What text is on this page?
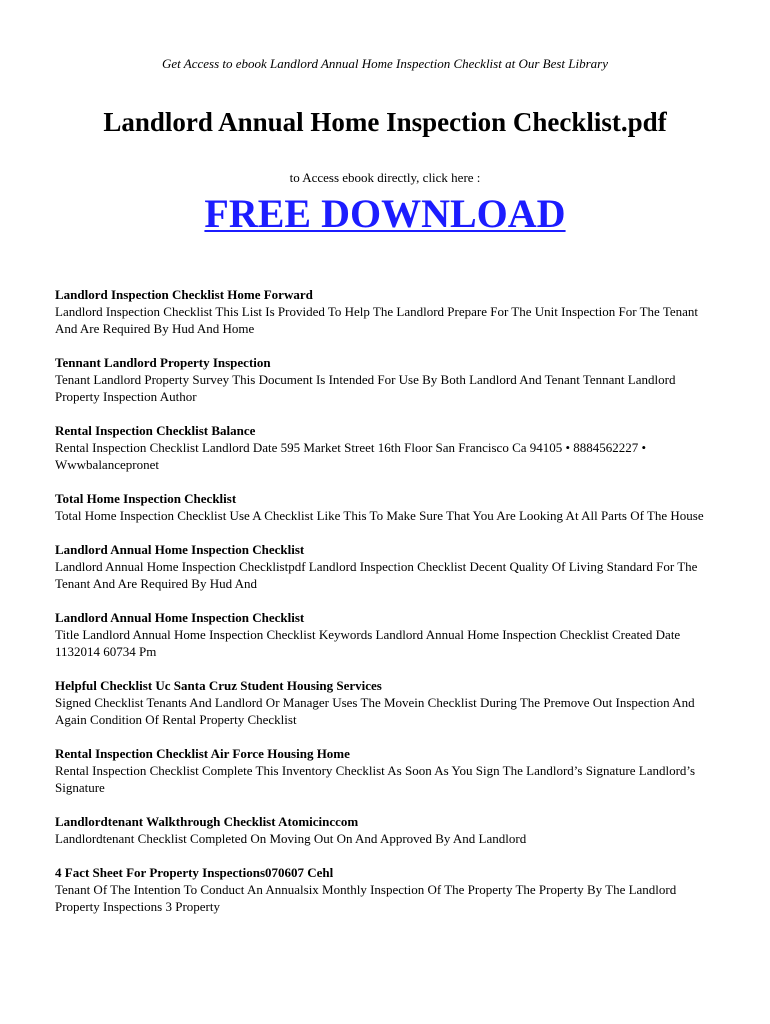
Get Access to ebook Landlord Annual Home Inspection Checklist at Our Best Library
Landlord Annual Home Inspection Checklist.pdf
to Access ebook directly, click here :
FREE DOWNLOAD
Landlord Inspection Checklist Home Forward
Landlord Inspection Checklist This List Is Provided To Help The Landlord Prepare For The Unit Inspection For The Tenant And Are Required By Hud And Home
Tennant Landlord Property Inspection
Tenant Landlord Property Survey This Document Is Intended For Use By Both Landlord And Tenant Tennant Landlord Property Inspection Author
Rental Inspection Checklist Balance
Rental Inspection Checklist Landlord Date 595 Market Street 16th Floor San Francisco Ca 94105 • 8884562227 • Wwwbalancepronet
Total Home Inspection Checklist
Total Home Inspection Checklist Use A Checklist Like This To Make Sure That You Are Looking At All Parts Of The House
Landlord Annual Home Inspection Checklist
Landlord Annual Home Inspection Checklistpdf Landlord Inspection Checklist Decent Quality Of Living Standard For The Tenant And Are Required By Hud And
Landlord Annual Home Inspection Checklist
Title Landlord Annual Home Inspection Checklist Keywords Landlord Annual Home Inspection Checklist Created Date 1132014 60734 Pm
Helpful Checklist Uc Santa Cruz Student Housing Services
Signed Checklist Tenants And Landlord Or Manager Uses The Movein Checklist During The Premove Out Inspection And Again Condition Of Rental Property Checklist
Rental Inspection Checklist Air Force Housing Home
Rental Inspection Checklist Complete This Inventory Checklist As Soon As You Sign The Landlord’s Signature Landlord’s Signature
Landlordtenant Walkthrough Checklist Atomicinccom
Landlordtenant Checklist Completed On Moving Out On And Approved By And Landlord
4 Fact Sheet For Property Inspections070607 Cehl
Tenant Of The Intention To Conduct An Annualsix Monthly Inspection Of The Property The Property By The Landlord Property Inspections 3 Property
